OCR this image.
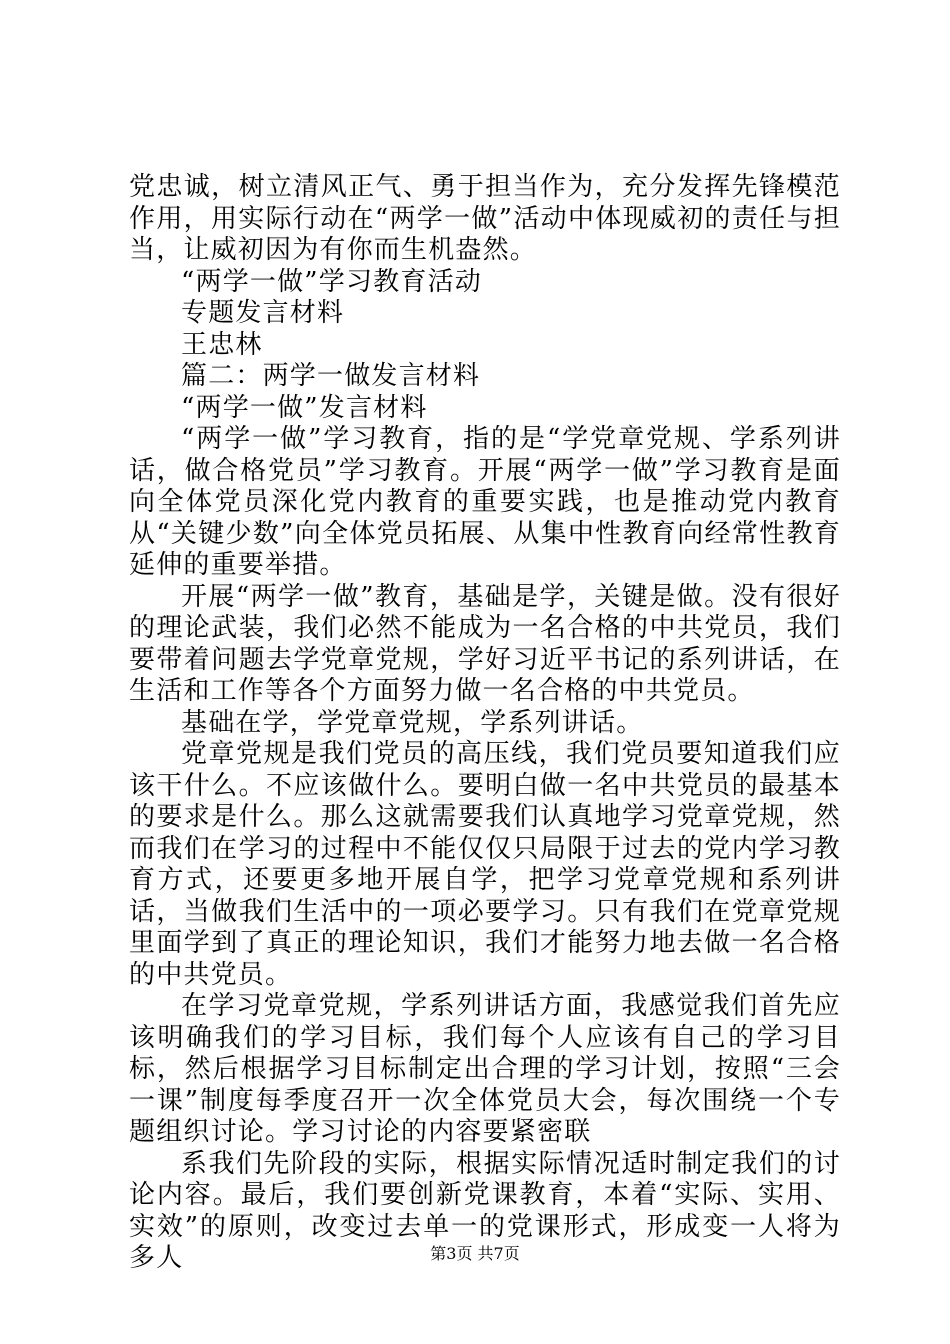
党忠诚，树立清风正气、勇于担当作为，充分发挥先锋模范作用，用实际行动在“两学一做”活动中体现威初的责任与担当，让威初因为有你而生机盎然。

“两学一做”学习教育活动

专题发言材料

王忠林

篇二：两学一做发言材料

“两学一做”发言材料

“两学一做”学习教育，指的是“学党章党规、学系列讲话，做合格党员”学习教育。开展“两学一做”学习教育是面向全体党员深化党内教育的重要实践，也是推动党内教育从“关键少数”向全体党员拓展、从集中性教育向经常性教育延伸的重要举措。

开展“两学一做”教育，基础是学，关键是做。没有很好的理论武装，我们必然不能成为一名合格的中共党员，我们要带着问题去学党章党规，学好习近平书记的系列讲话，在生活和工作等各个方面努力做一名合格的中共党员。

基础在学，学党章党规，学系列讲话。

党章党规是我们党员的高压线，我们党员要知道我们应该干什么。不应该做什么。要明白做一名中共党员的最基本的要求是什么。那么这就需要我们认真地学习党章党规，然而我们在学习的过程中不能仅仅只局限于过去的党内学习教育方式，还要更多地开展自学，把学习党章党规和系列讲话，当做我们生活中的一项必要学习。只有我们在党章党规里面学到了真正的理论知识，我们才能努力地去做一名合格的中共党员。

在学习党章党规，学系列讲话方面，我感觉我们首先应该明确我们的学习目标，我们每个人应该有自己的学习目标，然后根据学习目标制定出合理的学习计划，按照“三会一课”制度每季度召开一次全体党员大会，每次围绕一个专题组织讨论。学习讨论的内容要紧密联

系我们先阶段的实际，根据实际情况适时制定我们的讨论内容。最后，我们要创新党课教育，本着“实际、实用、实效”的原则，改变过去单一的党课形式，形成变一人将为多人	第3页 共7页
